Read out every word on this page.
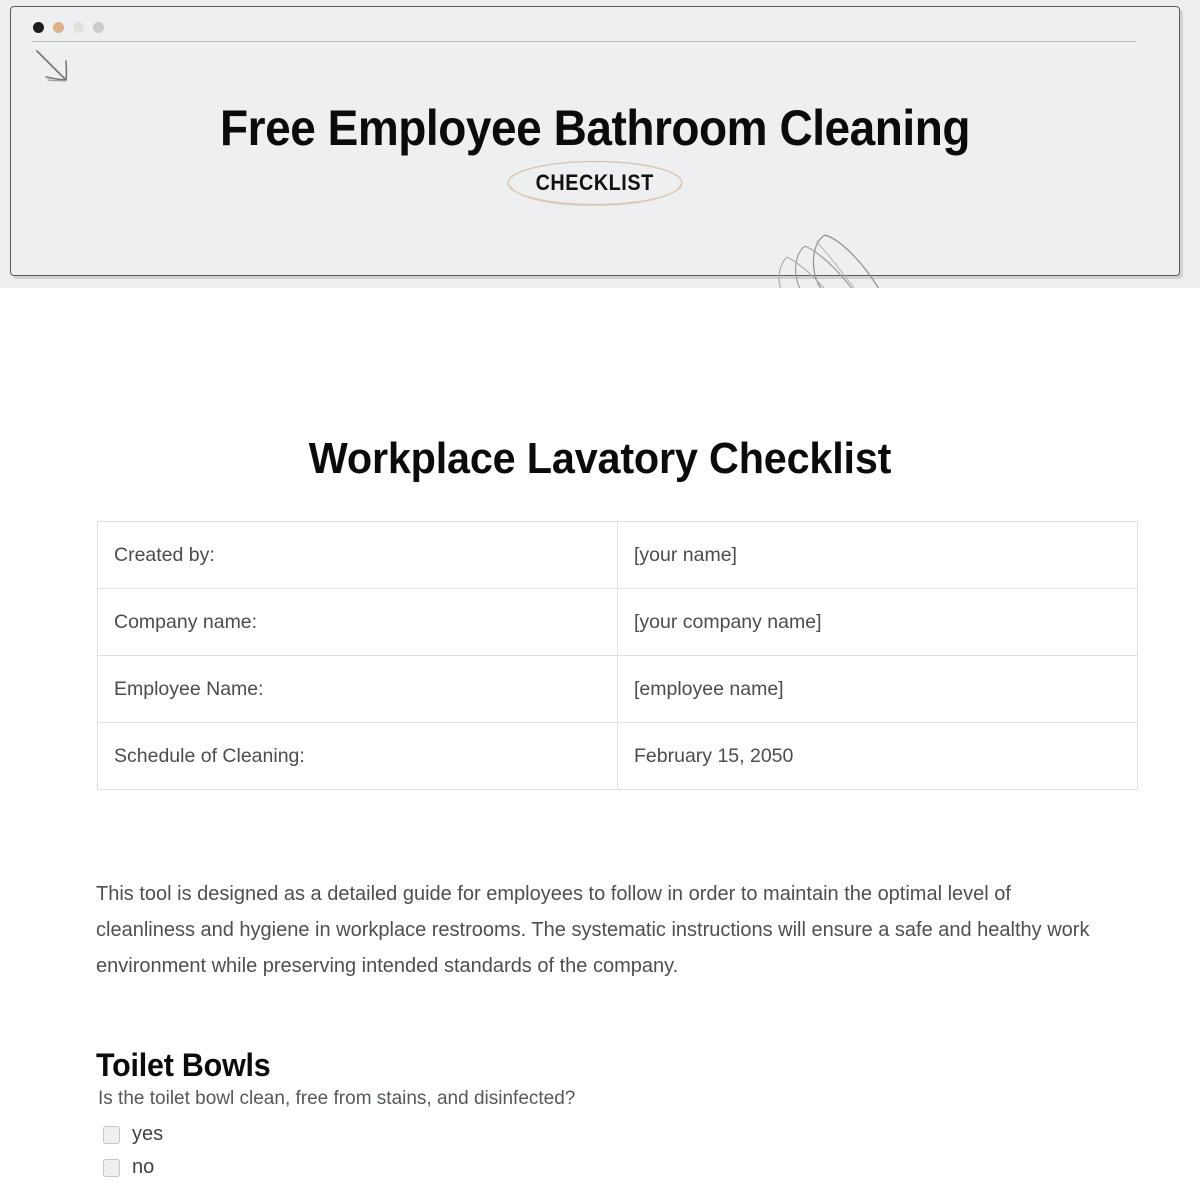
Free Employee Bathroom Cleaning
CHECKLIST
Workplace Lavatory Checklist
Created by:	[your name]
Company name:	[your company name]
Employee Name:	[employee name]
Schedule of Cleaning:	February 15, 2050

This tool is designed as a detailed guide for employees to follow in order to maintain the optimal level of cleanliness and hygiene in workplace restrooms. The systematic instructions will ensure a safe and healthy work environment while preserving intended standards of the company.

Toilet Bowls
Is the toilet bowl clean, free from stains, and disinfected?
yes
no
